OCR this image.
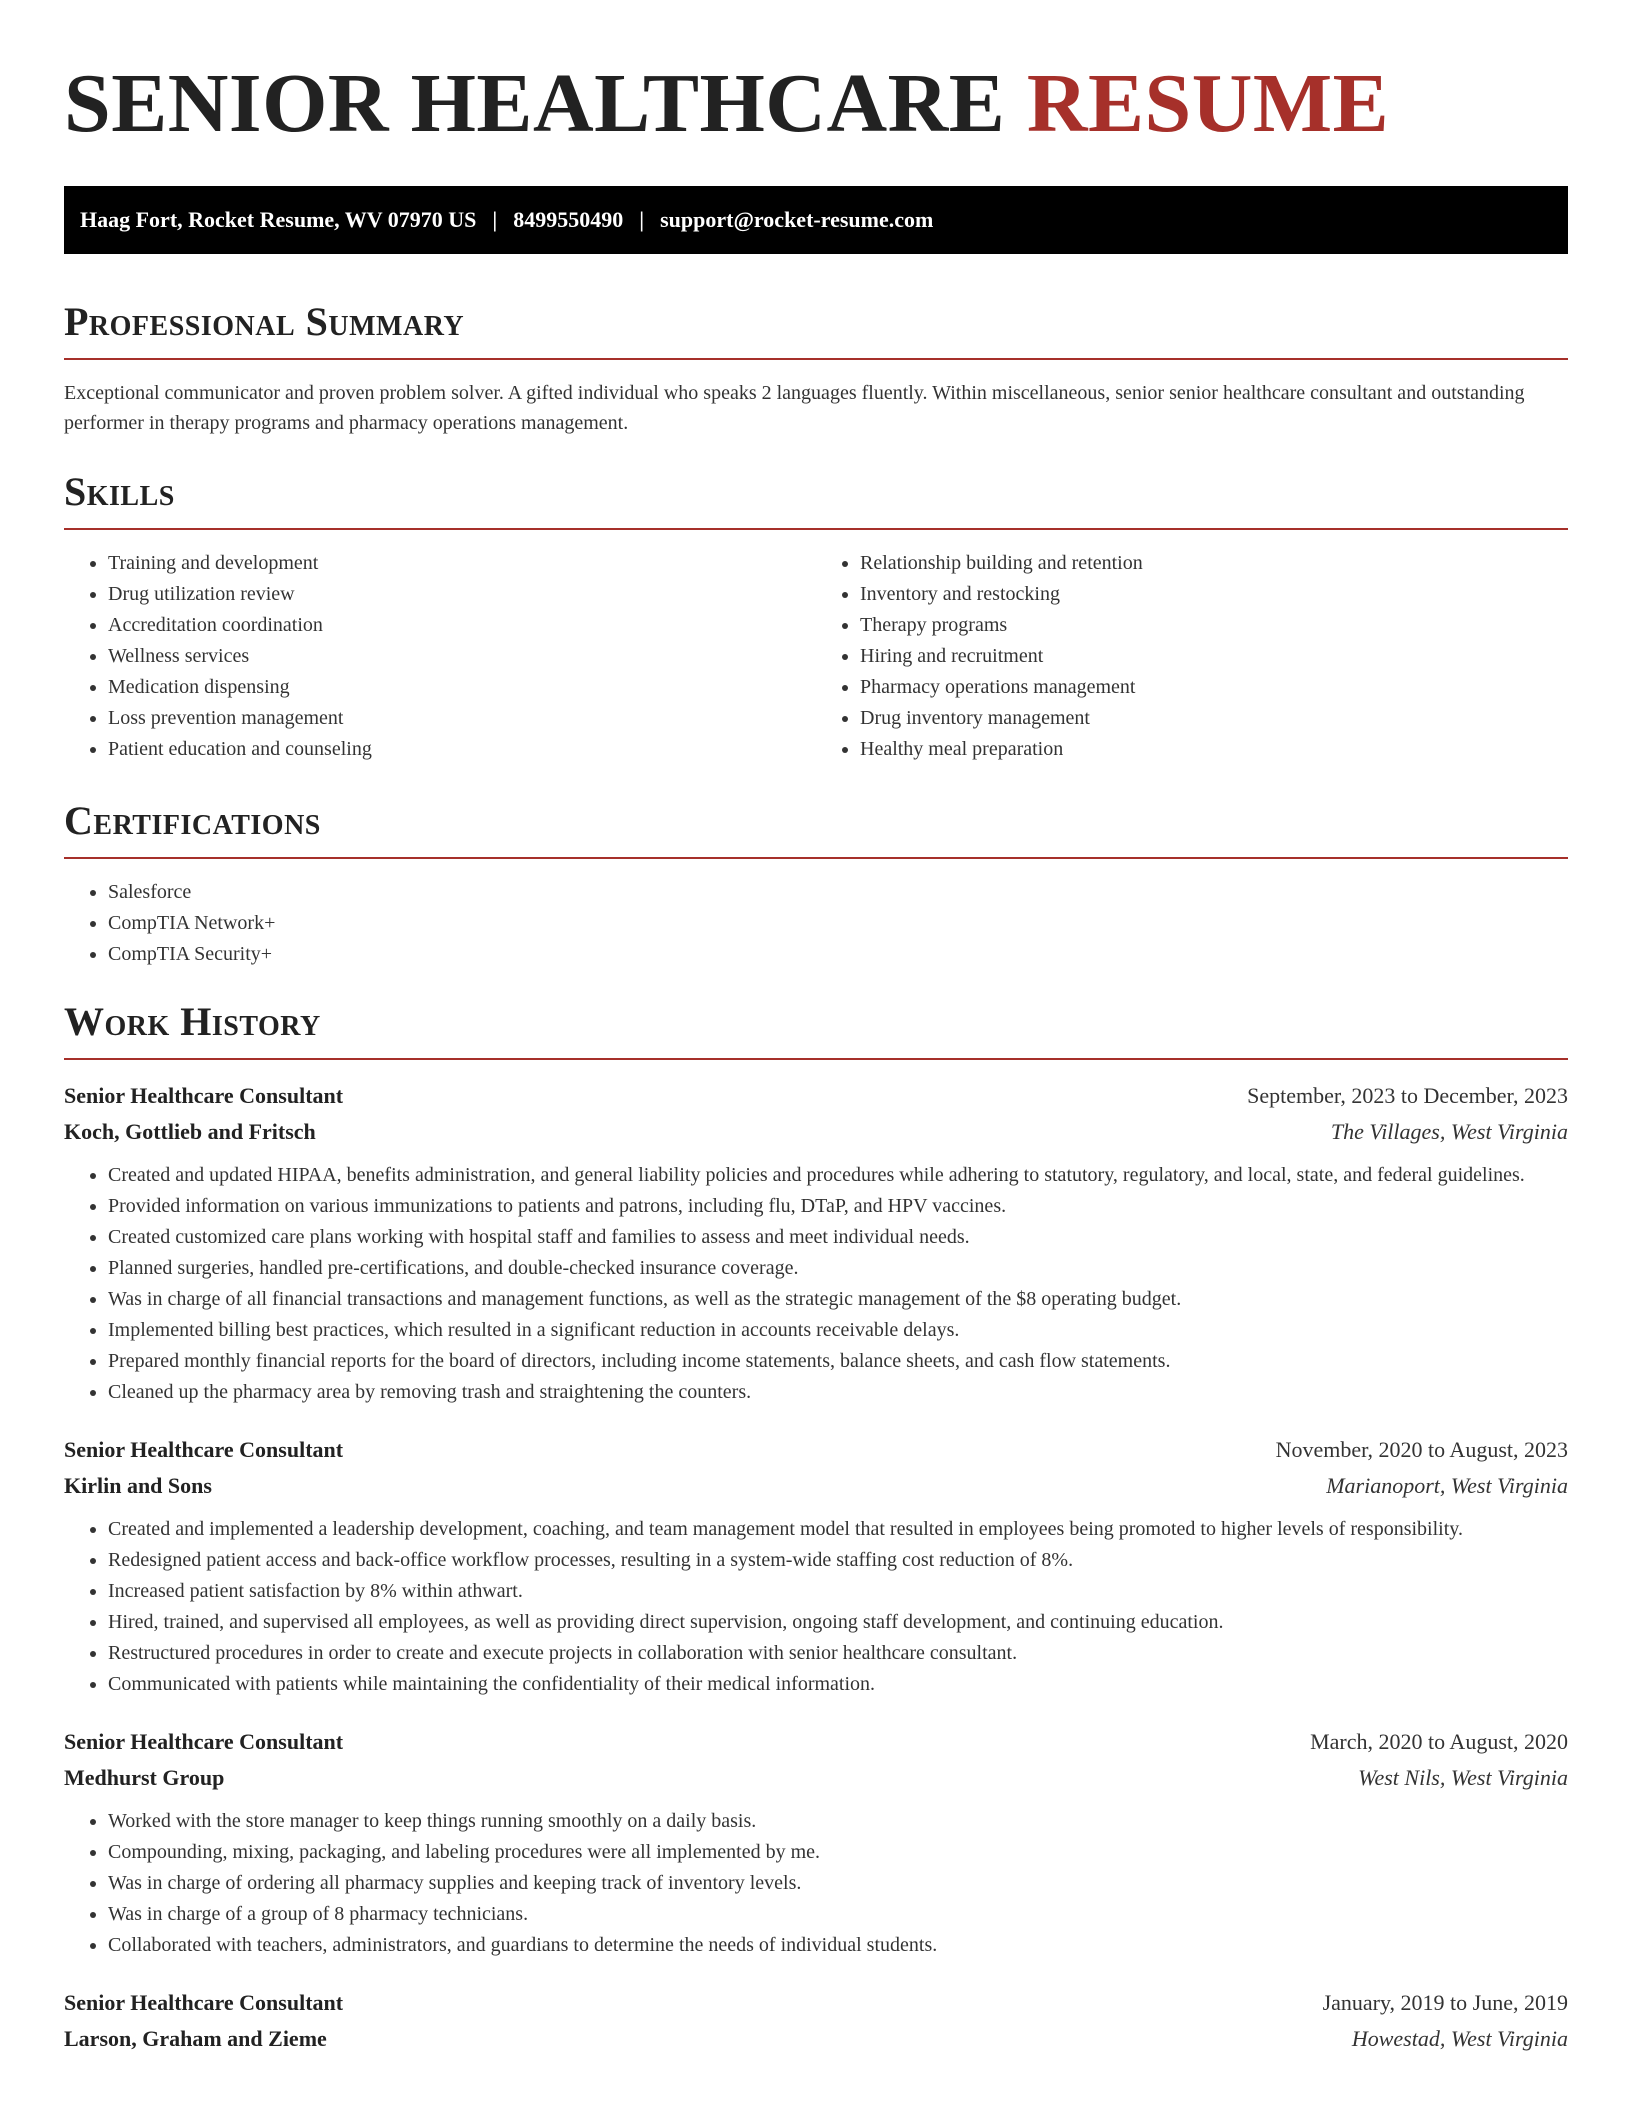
SENIOR HEALTHCARE RESUME
Haag Fort, Rocket Resume, WV 07970 US | 8499550490 | support@rocket-resume.com
Professional Summary

Exceptional communicator and proven problem solver. A gifted individual who speaks 2 languages fluently. Within miscellaneous, senior senior healthcare consultant and outstanding performer in therapy programs and pharmacy operations management.

Skills
• Training and development
• Drug utilization review
• Accreditation coordination
• Wellness services
• Medication dispensing
• Loss prevention management
• Patient education and counseling
• Relationship building and retention
• Inventory and restocking
• Therapy programs
• Hiring and recruitment
• Pharmacy operations management
• Drug inventory management
• Healthy meal preparation
Certifications
• Salesforce
• CompTIA Network+
• CompTIA Security+
Work History
Senior Healthcare Consultant	September, 2023 to December, 2023
Koch, Gottlieb and Fritsch	The Villages, West Virginia
• Created and updated HIPAA, benefits administration, and general liability policies and procedures while adhering to statutory, regulatory, and local, state, and federal guidelines.
• Provided information on various immunizations to patients and patrons, including flu, DTaP, and HPV vaccines.
• Created customized care plans working with hospital staff and families to assess and meet individual needs.
• Planned surgeries, handled pre-certifications, and double-checked insurance coverage.
• Was in charge of all financial transactions and management functions, as well as the strategic management of the $8 operating budget.
• Implemented billing best practices, which resulted in a significant reduction in accounts receivable delays.
• Prepared monthly financial reports for the board of directors, including income statements, balance sheets, and cash flow statements.
• Cleaned up the pharmacy area by removing trash and straightening the counters.
Senior Healthcare Consultant	November, 2020 to August, 2023
Kirlin and Sons	Marianoport, West Virginia
• Created and implemented a leadership development, coaching, and team management model that resulted in employees being promoted to higher levels of responsibility.
• Redesigned patient access and back-office workflow processes, resulting in a system-wide staffing cost reduction of 8%.
• Increased patient satisfaction by 8% within athwart.
• Hired, trained, and supervised all employees, as well as providing direct supervision, ongoing staff development, and continuing education.
• Restructured procedures in order to create and execute projects in collaboration with senior healthcare consultant.
• Communicated with patients while maintaining the confidentiality of their medical information.
Senior Healthcare Consultant	March, 2020 to August, 2020
Medhurst Group	West Nils, West Virginia
• Worked with the store manager to keep things running smoothly on a daily basis.
• Compounding, mixing, packaging, and labeling procedures were all implemented by me.
• Was in charge of ordering all pharmacy supplies and keeping track of inventory levels.
• Was in charge of a group of 8 pharmacy technicians.
• Collaborated with teachers, administrators, and guardians to determine the needs of individual students.
Senior Healthcare Consultant	January, 2019 to June, 2019
Larson, Graham and Zieme	Howestad, West Virginia
